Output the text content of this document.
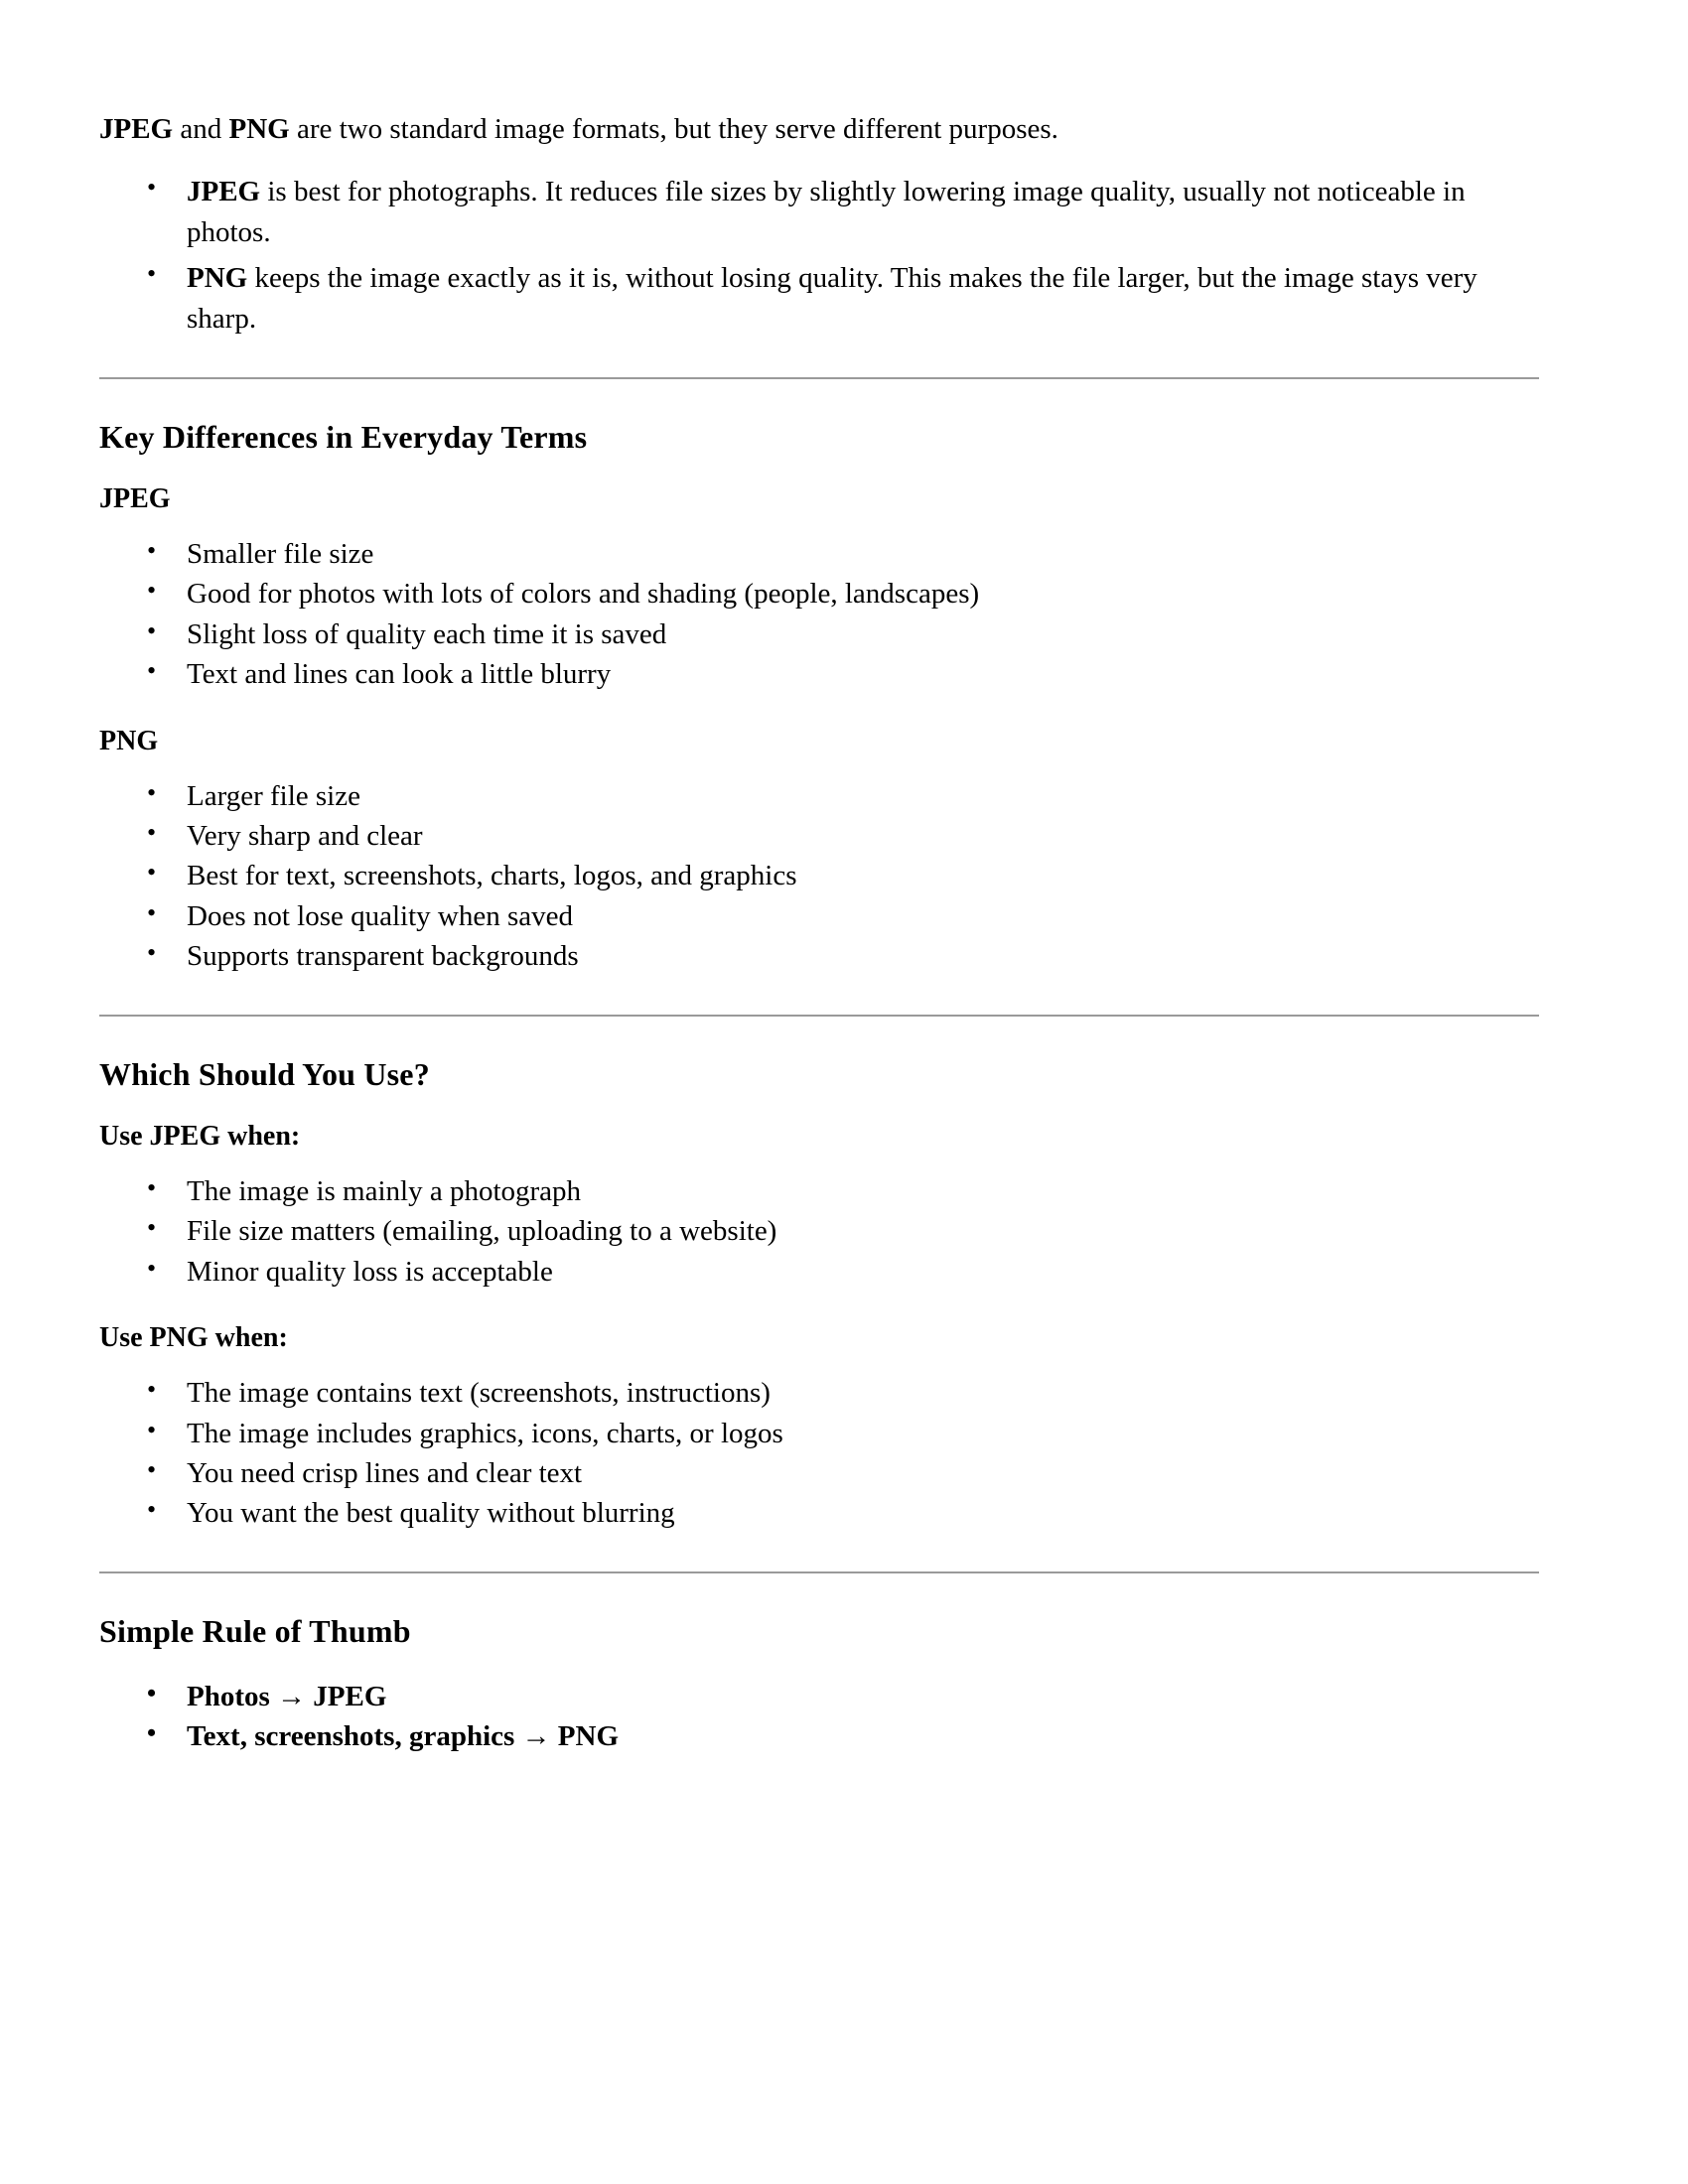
JPEG and PNG are two standard image formats, but they serve different purposes.

• JPEG is best for photographs. It reduces file sizes by slightly lowering image quality, usually not noticeable in photos.
• PNG keeps the image exactly as it is, without losing quality. This makes the file larger, but the image stays very sharp.
Key Differences in Everyday Terms
JPEG
• Smaller file size
• Good for photos with lots of colors and shading (people, landscapes)
• Slight loss of quality each time it is saved
• Text and lines can look a little blurry
PNG
• Larger file size
• Very sharp and clear
• Best for text, screenshots, charts, logos, and graphics
• Does not lose quality when saved
• Supports transparent backgrounds
Which Should You Use?
Use JPEG when:
• The image is mainly a photograph
• File size matters (emailing, uploading to a website)
• Minor quality loss is acceptable
Use PNG when:
• The image contains text (screenshots, instructions)
• The image includes graphics, icons, charts, or logos
• You need crisp lines and clear text
• You want the best quality without blurring
Simple Rule of Thumb
• Photos → JPEG
• Text, screenshots, graphics → PNG
